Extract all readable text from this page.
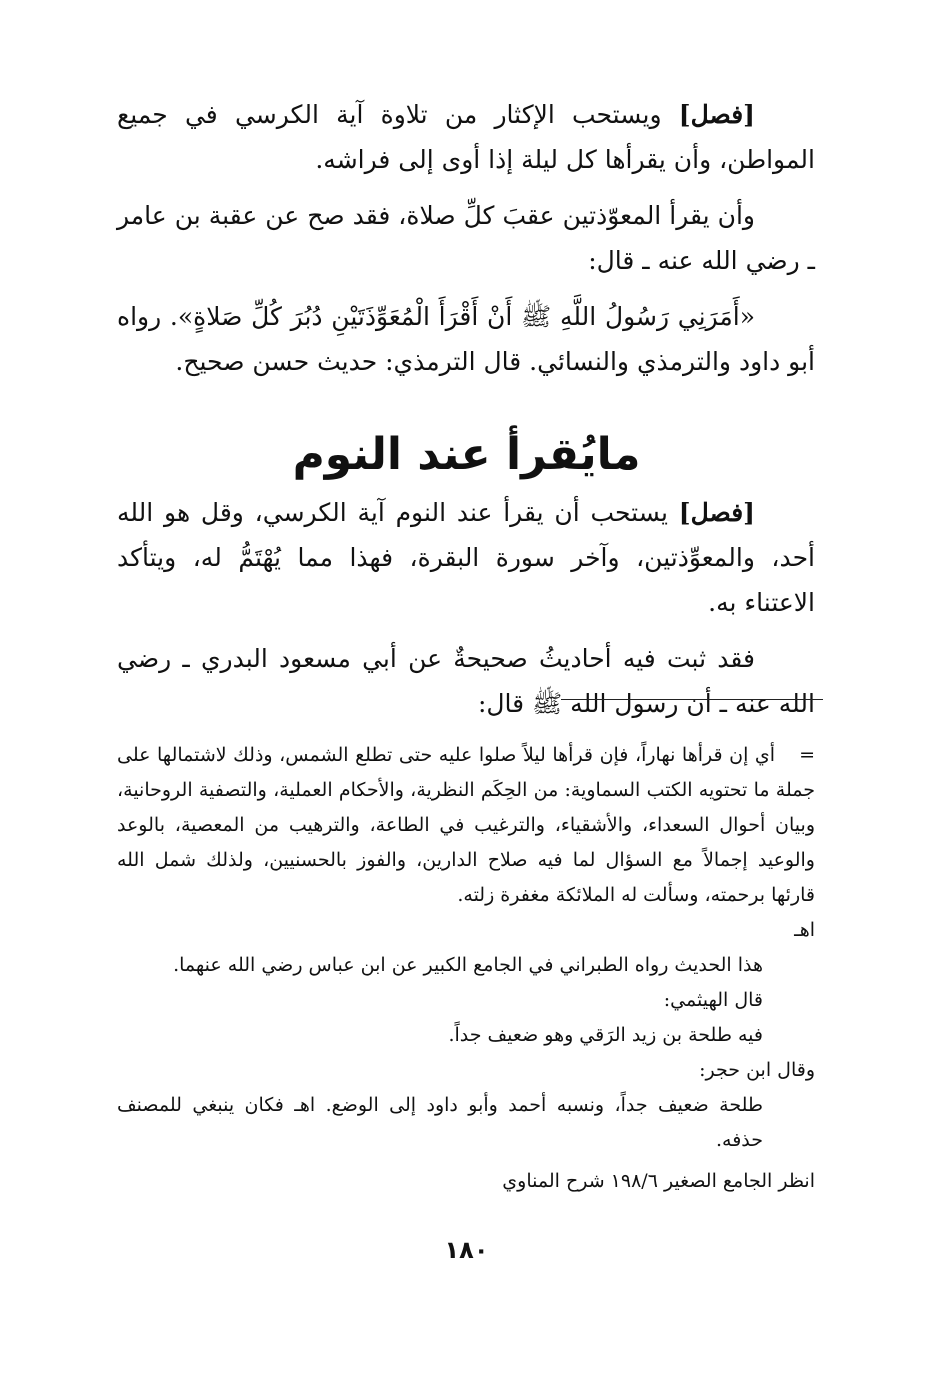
[فصل] ويستحب الإكثار من تلاوة آية الكرسي في جميع المواطن، وأن يقرأها كل ليلة إذا أوى إلى فراشه.
وأن يقرأ المعوّذتين عقبَ كلِّ صلاة، فقد صح عن عقبة بن عامر ـ رضي الله عنه ـ قال:
«أَمَرَنِي رَسُولُ اللَّهِ ﷺ أَنْ أَقْرَأَ الْمُعَوِّذَتَيْنِ دُبُرَ كُلِّ صَلاةٍ». رواه أبو داود والترمذي والنسائي. قال الترمذي: حديث حسن صحيح.
مايُقرأ عند النوم
[فصل] يستحب أن يقرأ عند النوم آية الكرسي، وقل هو الله أحد، والمعوِّذتين، وآخر سورة البقرة، فهذا مما يُهْتَمُّ له، ويتأكد الاعتناء به.
فقد ثبت فيه أحاديثُ صحيحةٌ عن أبي مسعود البدري ـ رضي الله عنه ـ أن رسول الله ﷺ قال:
=أي إن قرأها نهاراً، فإن قرأها ليلاً صلوا عليه حتى تطلع الشمس، وذلك لاشتمالها على جملة ما تحتويه الكتب السماوية: من الحِكَم النظرية، والأحكام العملية، والتصفية الروحانية، وبيان أحوال السعداء، والأشقياء، والترغيب في الطاعة، والترهيب من المعصية، بالوعد والوعيد إجمالاً مع السؤال لما فيه صلاح الدارين، والفوز بالحسنيين، ولذلك شمل الله قارئها برحمته، وسألت له الملائكة مغفرة زلته.
اهـ
هذا الحديث رواه الطبراني في الجامع الكبير عن ابن عباس رضي الله عنهما.
قال الهيثمي:
فيه طلحة بن زيد الرَقي وهو ضعيف جداً.
وقال ابن حجر:
طلحة ضعيف جداً، ونسبه أحمد وأبو داود إلى الوضع. اهـ فكان ينبغي للمصنف حذفه.
انظر الجامع الصغير ١٩٨/٦ شرح المناوي
١٨٠
